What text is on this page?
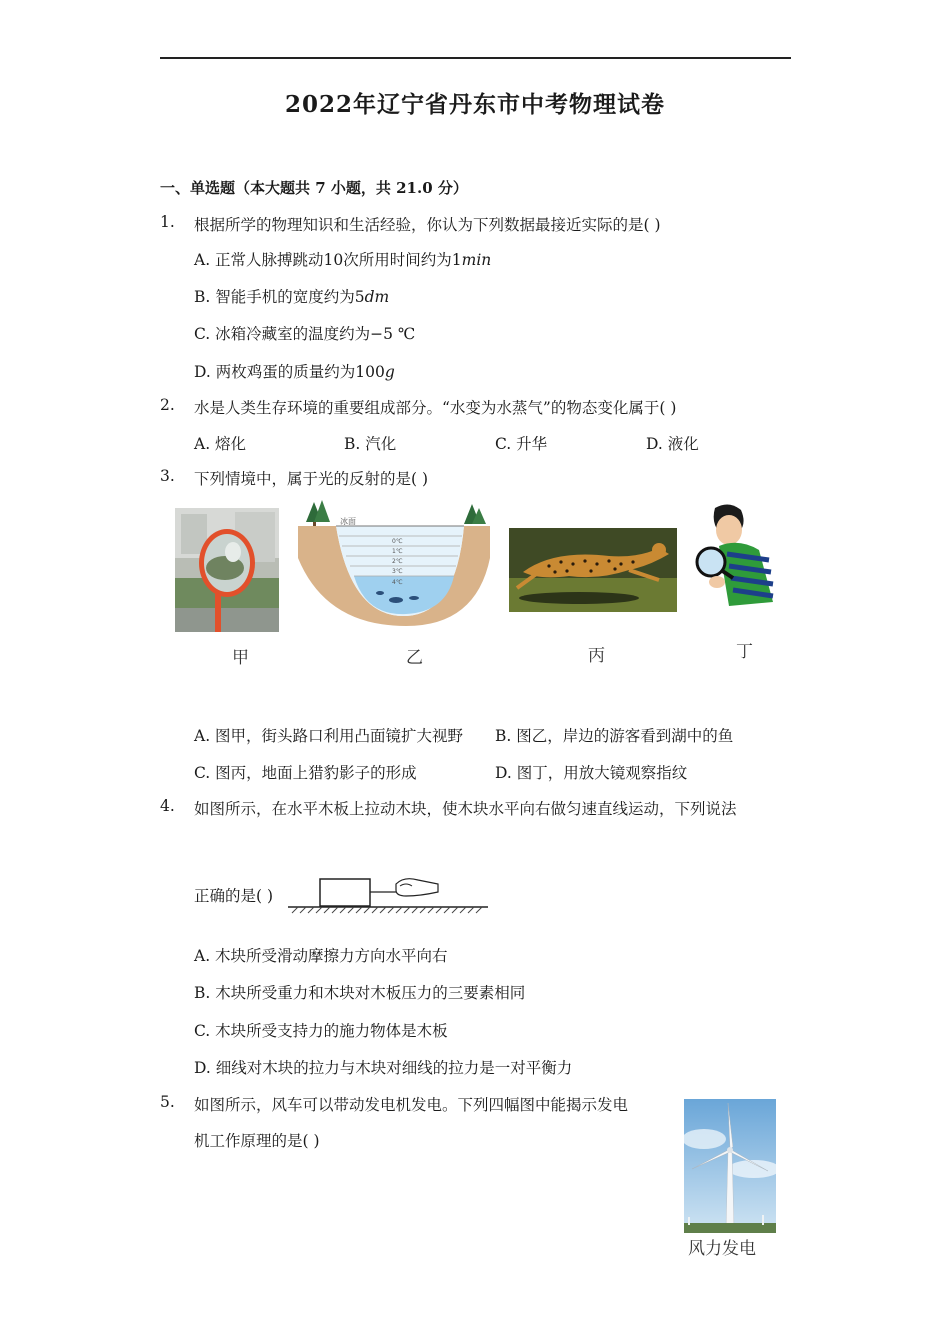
2022年辽宁省丹东市中考物理试卷
一、单选题（本大题共 7 小题，共 21.0 分）
1. 根据所学的物理知识和生活经验，你认为下列数据最接近实际的是( )
A. 正常人脉搏跳动10次所用时间约为1min
B. 智能手机的宽度约为5dm
C. 冰箱冷藏室的温度约为−5 ℃
D. 两枚鸡蛋的质量约为100g
2. 水是人类生存环境的重要组成部分。“水变为水蒸气”的物态变化属于( )
A. 熔化	B. 汽化	C. 升华	D. 液化
3. 下列情境中，属于光的反射的是( )
冰面
0℃
1℃
2℃
3℃
4℃
甲	乙	丙	丁
A. 图甲，街头路口利用凸面镜扩大视野 B. 图乙，岸边的游客看到湖中的鱼
C. 图丙，地面上猎豹影子的形成	D. 图丁，用放大镜观察指纹
4. 如图所示，在水平木板上拉动木块，使木块水平向右做匀速直线运动，下列说法
正确的是( )
A. 木块所受滑动摩擦力方向水平向右
B. 木块所受重力和木块对木板压力的三要素相同
C. 木块所受支持力的施力物体是木板
D. 细线对木块的拉力与木块对细线的拉力是一对平衡力
5. 如图所示，风车可以带动发电机发电。下列四幅图中能揭示发电
机工作原理的是( )
风力发电
